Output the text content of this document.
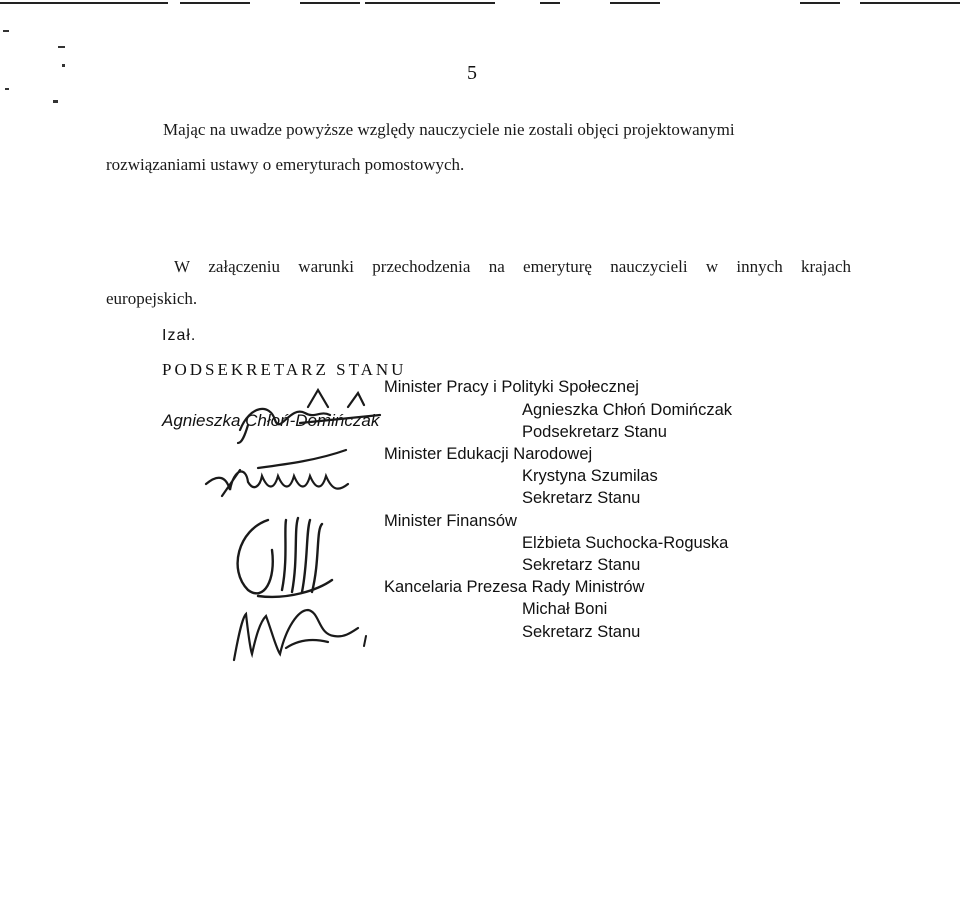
5
Mając na uwadze powyższe względy nauczyciele nie zostali objęci projektowanymi
rozwiązaniami ustawy o emeryturach pomostowych.
W załączeniu warunki przechodzenia na emeryturę nauczycieli w innych krajach
europejskich.
Izał.
PODSEKRETARZ STANU
Agnieszka Chłoń-Domińczak
Minister Pracy i Polityki Społecznej
Agnieszka Chłoń Domińczak
Podsekretarz Stanu
Minister Edukacji Narodowej
Krystyna Szumilas
Sekretarz Stanu
Minister Finansów
Elżbieta Suchocka-Roguska
Sekretarz Stanu
Kancelaria Prezesa Rady Ministrów
Michał Boni
Sekretarz Stanu
